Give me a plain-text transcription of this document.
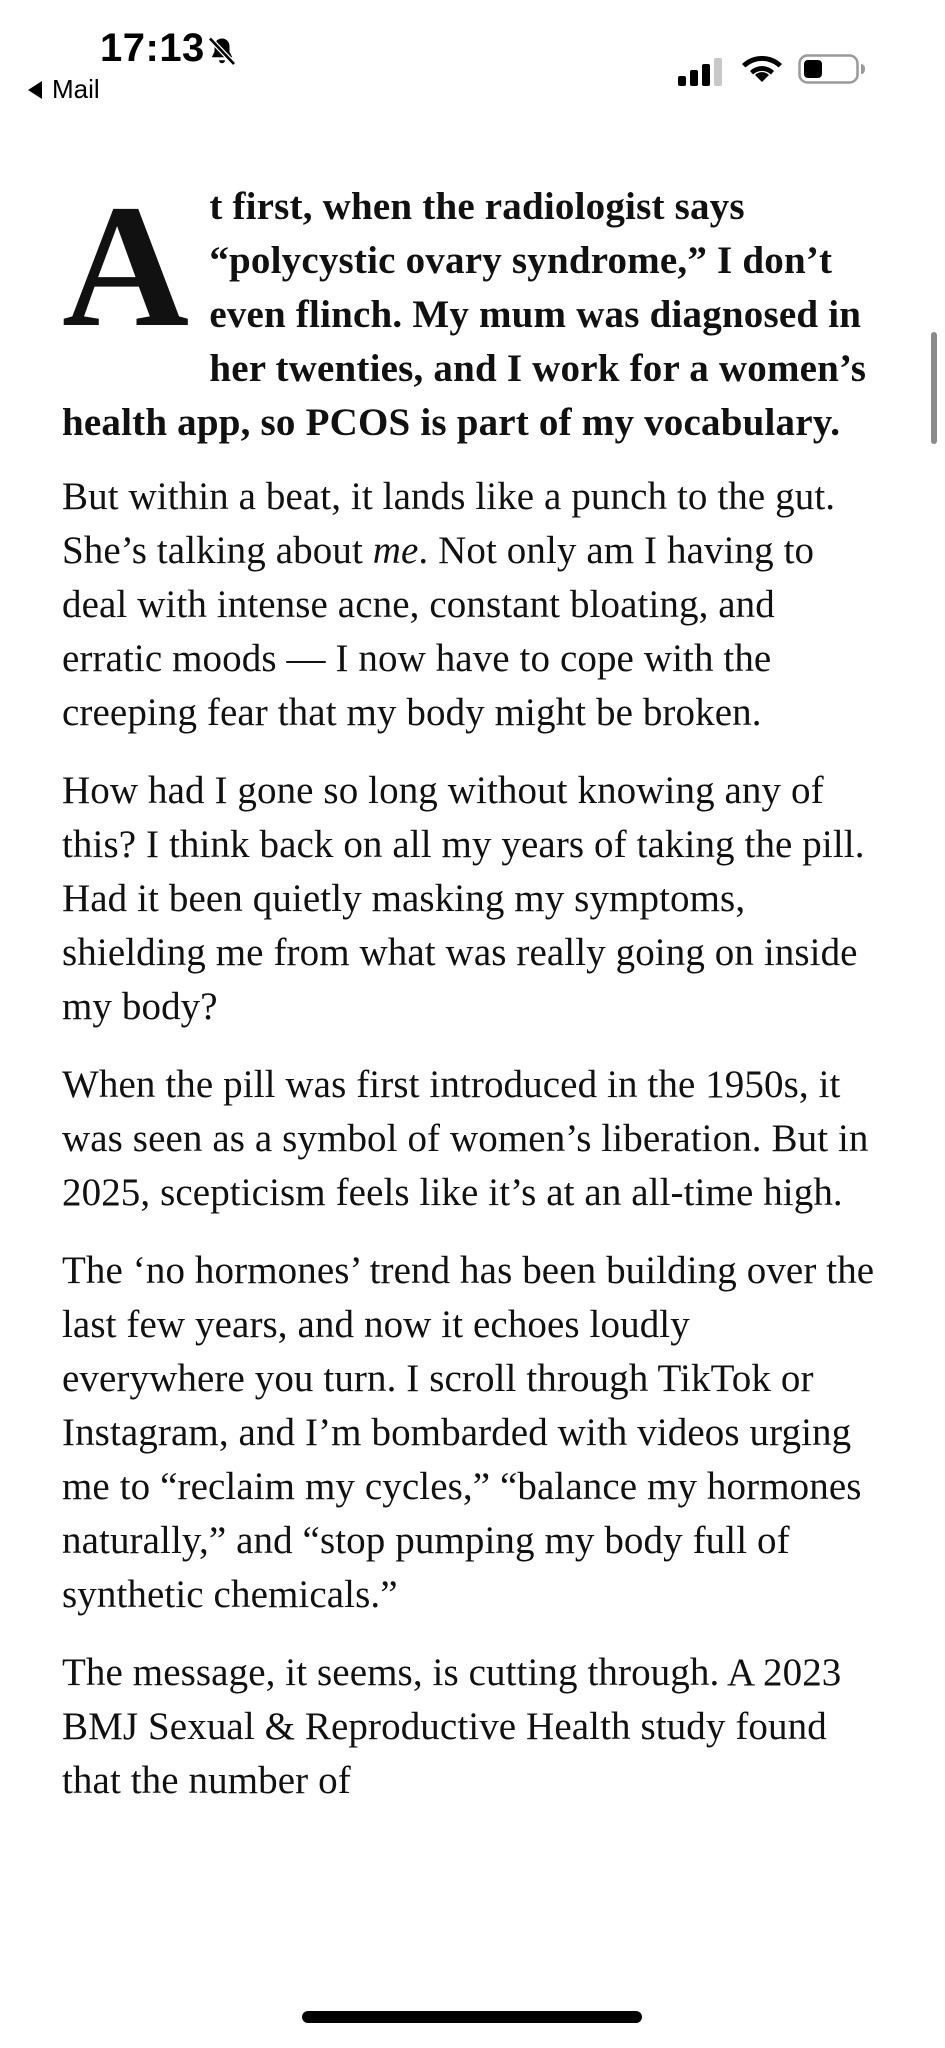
17:13
Mail

At first, when the radiologist says “polycystic ovary syndrome,” I don’t even flinch. My mum was diagnosed in her twenties, and I work for a women’s health app, so PCOS is part of my vocabulary.

But within a beat, it lands like a punch to the gut. She’s talking about me. Not only am I having to deal with intense acne, constant bloating, and erratic moods — I now have to cope with the creeping fear that my body might be broken.

How had I gone so long without knowing any of this? I think back on all my years of taking the pill. Had it been quietly masking my symptoms, shielding me from what was really going on inside my body?

When the pill was first introduced in the 1950s, it was seen as a symbol of women’s liberation. But in 2025, scepticism feels like it’s at an all-time high.

The ‘no hormones’ trend has been building over the last few years, and now it echoes loudly everywhere you turn. I scroll through TikTok or Instagram, and I’m bombarded with videos urging me to “reclaim my cycles,” “balance my hormones naturally,” and “stop pumping my body full of synthetic chemicals.”

The message, it seems, is cutting through. A 2023 BMJ Sexual & Reproductive Health study found that the number of
